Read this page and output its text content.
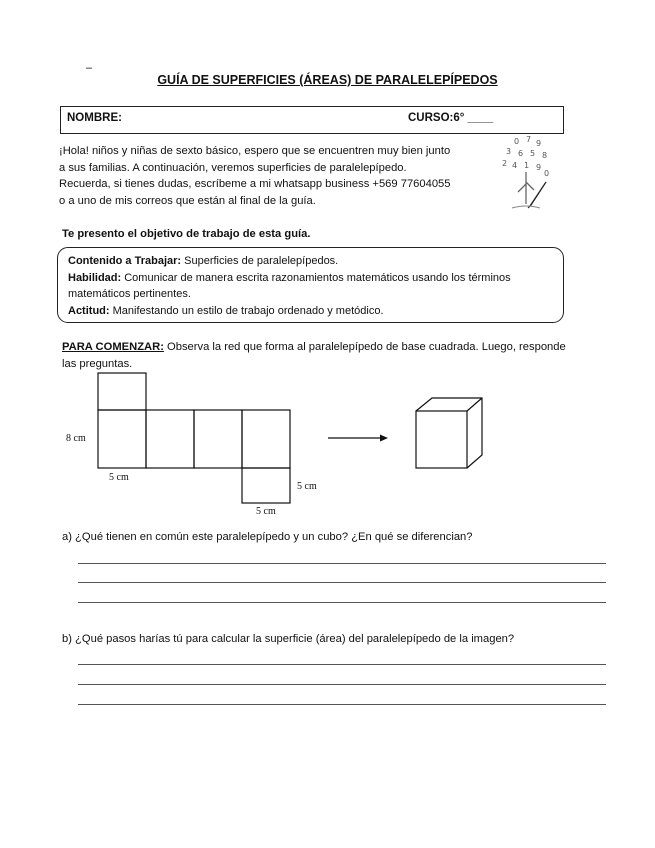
–
GUÍA DE SUPERFICIES (ÁREAS) DE PARALELEPÍPEDOS
NOMBRE:	CURSO:6° ____
¡Hola! niños y niñas de sexto básico, espero que se encuentren muy bien junto
a sus familias. A continuación, veremos superficies de paralelepípedo.
Recuerda, si tienes dudas, escríbeme a mi whatsapp business +569 77604055
o a uno de mis correos que están al final de la guía.
0 7 9
3 6 5 8
2 4 1 9
0
Te presento el objetivo de trabajo de esta guía.
Contenido a Trabajar: Superficies de paralelepípedos.
Habilidad: Comunicar de manera escrita razonamientos matemáticos usando los términos
matemáticos pertinentes.
Actitud: Manifestando un estilo de trabajo ordenado y metódico.
PARA COMENZAR: Observa la red que forma al paralelepípedo de base cuadrada. Luego, responde
las preguntas.
8 cm
5 cm
5 cm
5 cm
a) ¿Qué tienen en común este paralelepípedo y un cubo? ¿En qué se diferencian?
b) ¿Qué pasos harías tú para calcular la superficie (área) del paralelepípedo de la imagen?
